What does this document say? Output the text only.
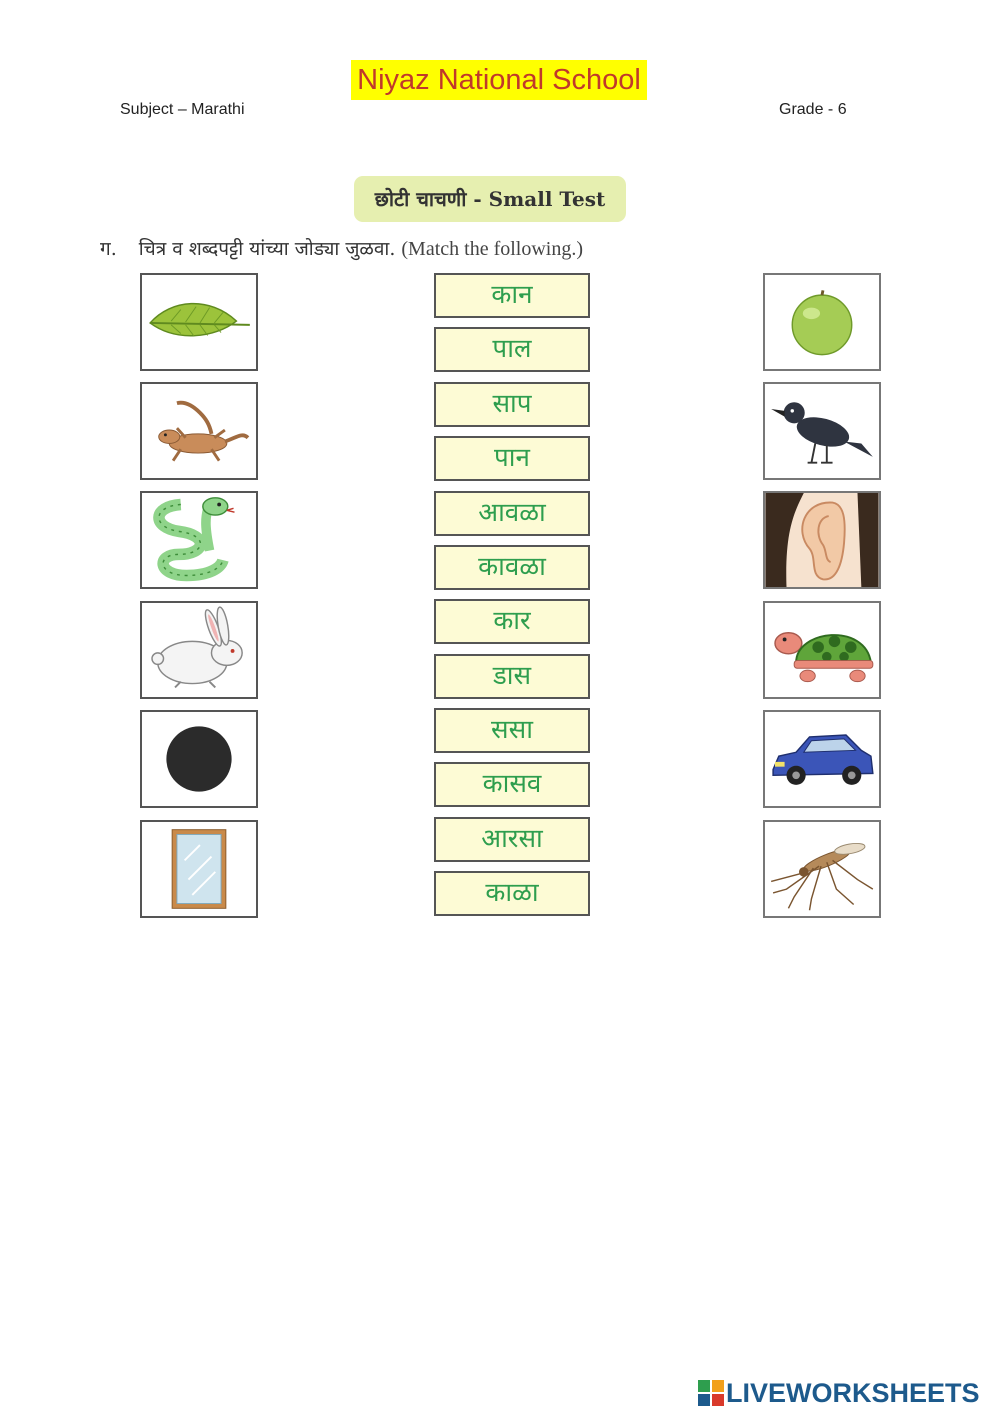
Niyaz National School
Subject – Marathi	Grade - 6
छोटी चाचणी - Small Test
ग. चित्र व शब्दपट्टी यांच्या जोड्या जुळवा. (Match the following.)
कान
पाल
साप
पान
आवळा
कावळा
कार
डास
ससा
कासव
आरसा
काळा
LIVEWORKSHEETS
